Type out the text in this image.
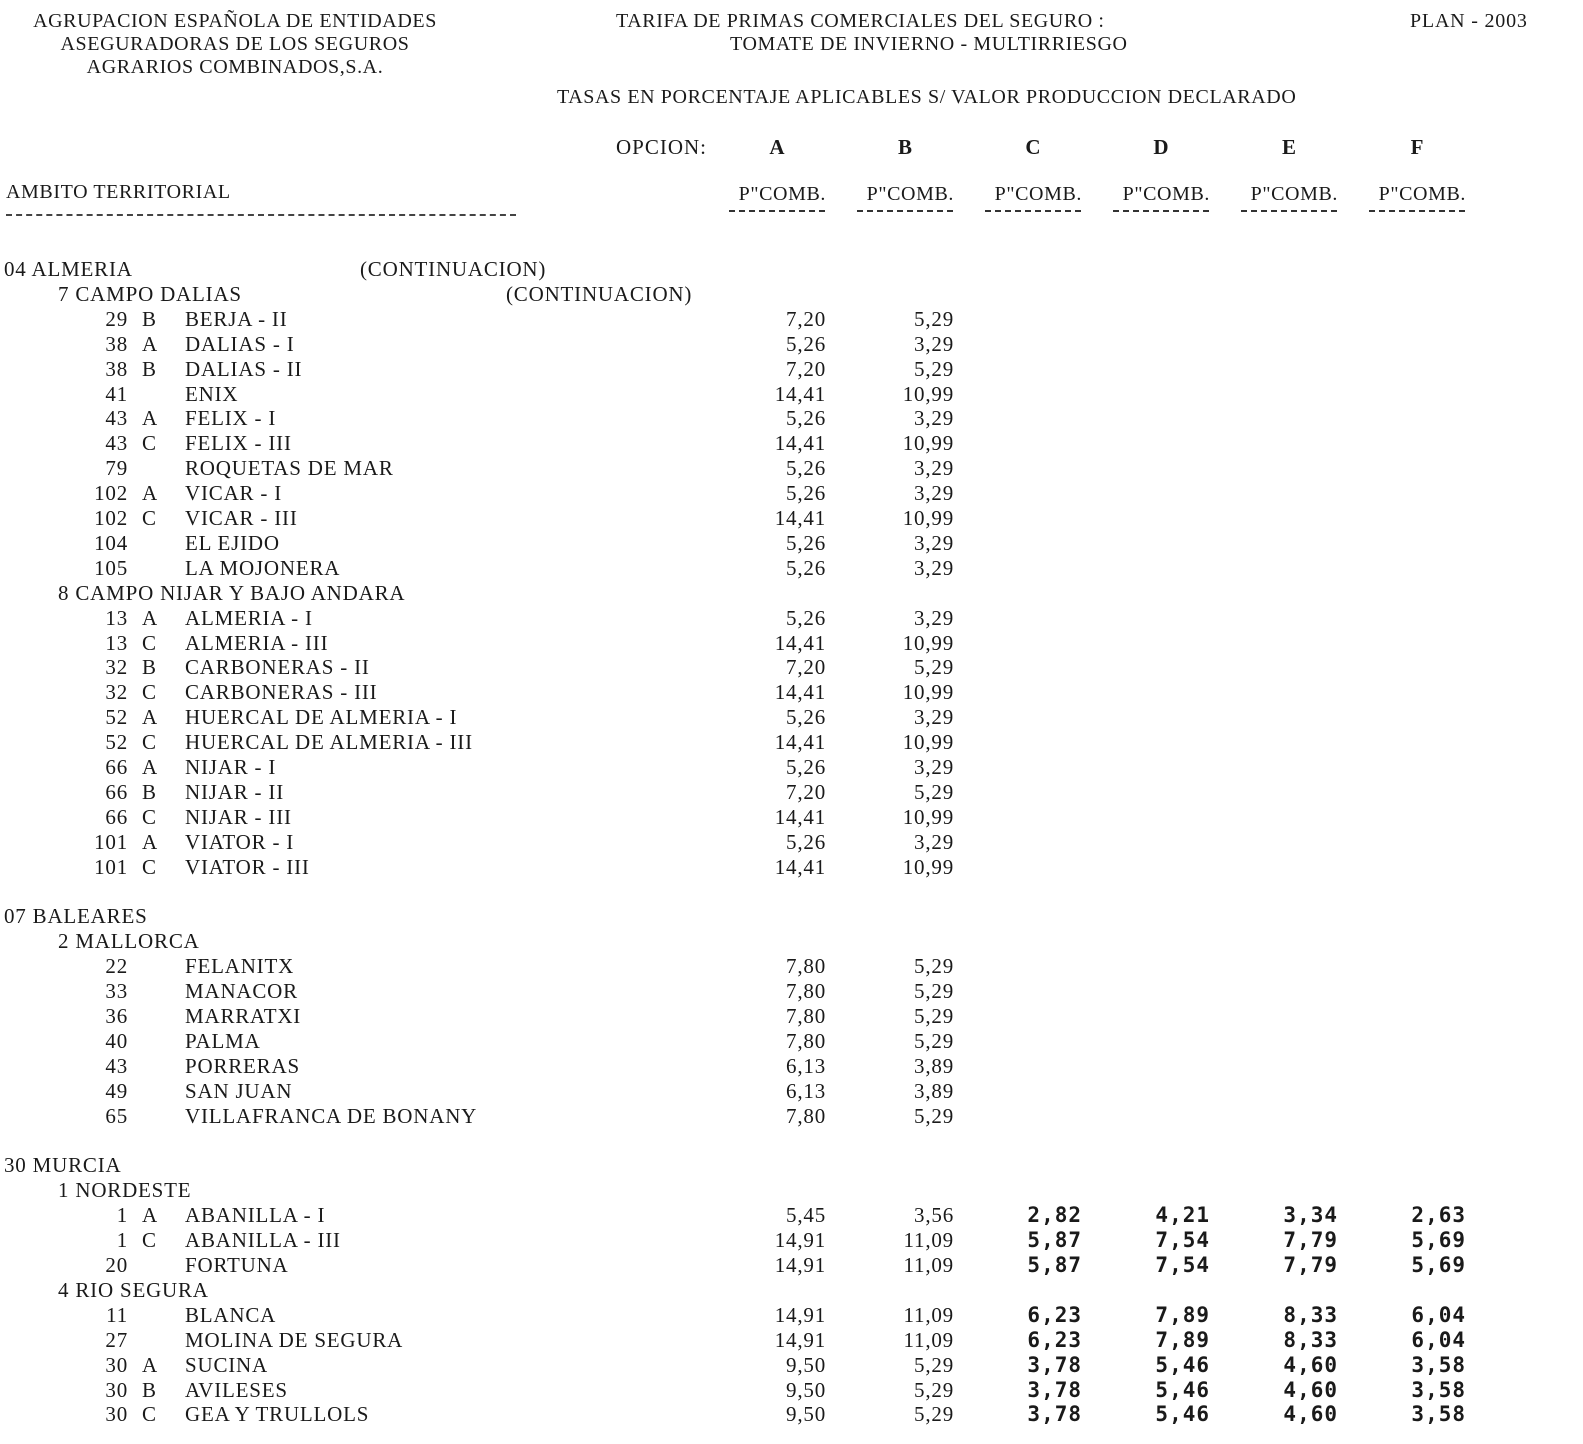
AGRUPACION ESPAÑOLA DE ENTIDADES
ASEGURADORAS DE LOS SEGUROS
AGRARIOS COMBINADOS,S.A.
TARIFA DE PRIMAS COMERCIALES DEL SEGURO :
TOMATE DE INVIERNO - MULTIRRIESGO
PLAN - 2003
TASAS EN PORCENTAJE APLICABLES S/ VALOR PRODUCCION DECLARADO
OPCION:	A	B	C	D	E	F
P"COMB.	P"COMB.	P"COMB.	P"COMB.	P"COMB.	P"COMB.
AMBITO TERRITORIAL
04 ALMERIA	(CONTINUACION)
7 CAMPO DALIAS	(CONTINUACION)
29 B BERJA - II	7,20	5,29
38 A DALIAS - I	5,26	3,29
38 B DALIAS - II	7,20	5,29
41	ENIX	14,41	10,99
43 A FELIX - I	5,26	3,29
43 C FELIX - III	14,41	10,99
79	ROQUETAS DE MAR	5,26	3,29
102 A VICAR - I	5,26	3,29
102 C VICAR - III	14,41	10,99
104	EL EJIDO	5,26	3,29
105	LA MOJONERA	5,26	3,29
8 CAMPO NIJAR Y BAJO ANDARA
13 A ALMERIA - I	5,26	3,29
13 C ALMERIA - III	14,41	10,99
32 B CARBONERAS - II	7,20	5,29
32 C CARBONERAS - III	14,41	10,99
52 A HUERCAL DE ALMERIA - I	5,26	3,29
52 C HUERCAL DE ALMERIA - III	14,41	10,99
66 A NIJAR - I	5,26	3,29
66 B NIJAR - II	7,20	5,29
66 C NIJAR - III	14,41	10,99
101 A VIATOR - I	5,26	3,29
101 C VIATOR - III	14,41	10,99
07 BALEARES
2 MALLORCA
22	FELANITX	7,80	5,29
33	MANACOR	7,80	5,29
36	MARRATXI	7,80	5,29
40	PALMA	7,80	5,29
43	PORRERAS	6,13	3,89
49	SAN JUAN	6,13	3,89
65	VILLAFRANCA DE BONANY	7,80	5,29
30 MURCIA
1 NORDESTE
1 A ABANILLA - I	5,45	3,56	2,82	4,21	3,34	2,63
1 C ABANILLA - III	14,91	11,09	5,87	7,54	7,79	5,69
20	FORTUNA	14,91	11,09	5,87	7,54	7,79	5,69
4 RIO SEGURA
11	BLANCA	14,91	11,09	6,23	7,89	8,33	6,04
27	MOLINA DE SEGURA	14,91	11,09	6,23	7,89	8,33	6,04
30 A SUCINA	9,50	5,29	3,78	5,46	4,60	3,58
30 B AVILESES	9,50	5,29	3,78	5,46	4,60	3,58
30 C GEA Y TRULLOLS	9,50	5,29	3,78	5,46	4,60	3,58
